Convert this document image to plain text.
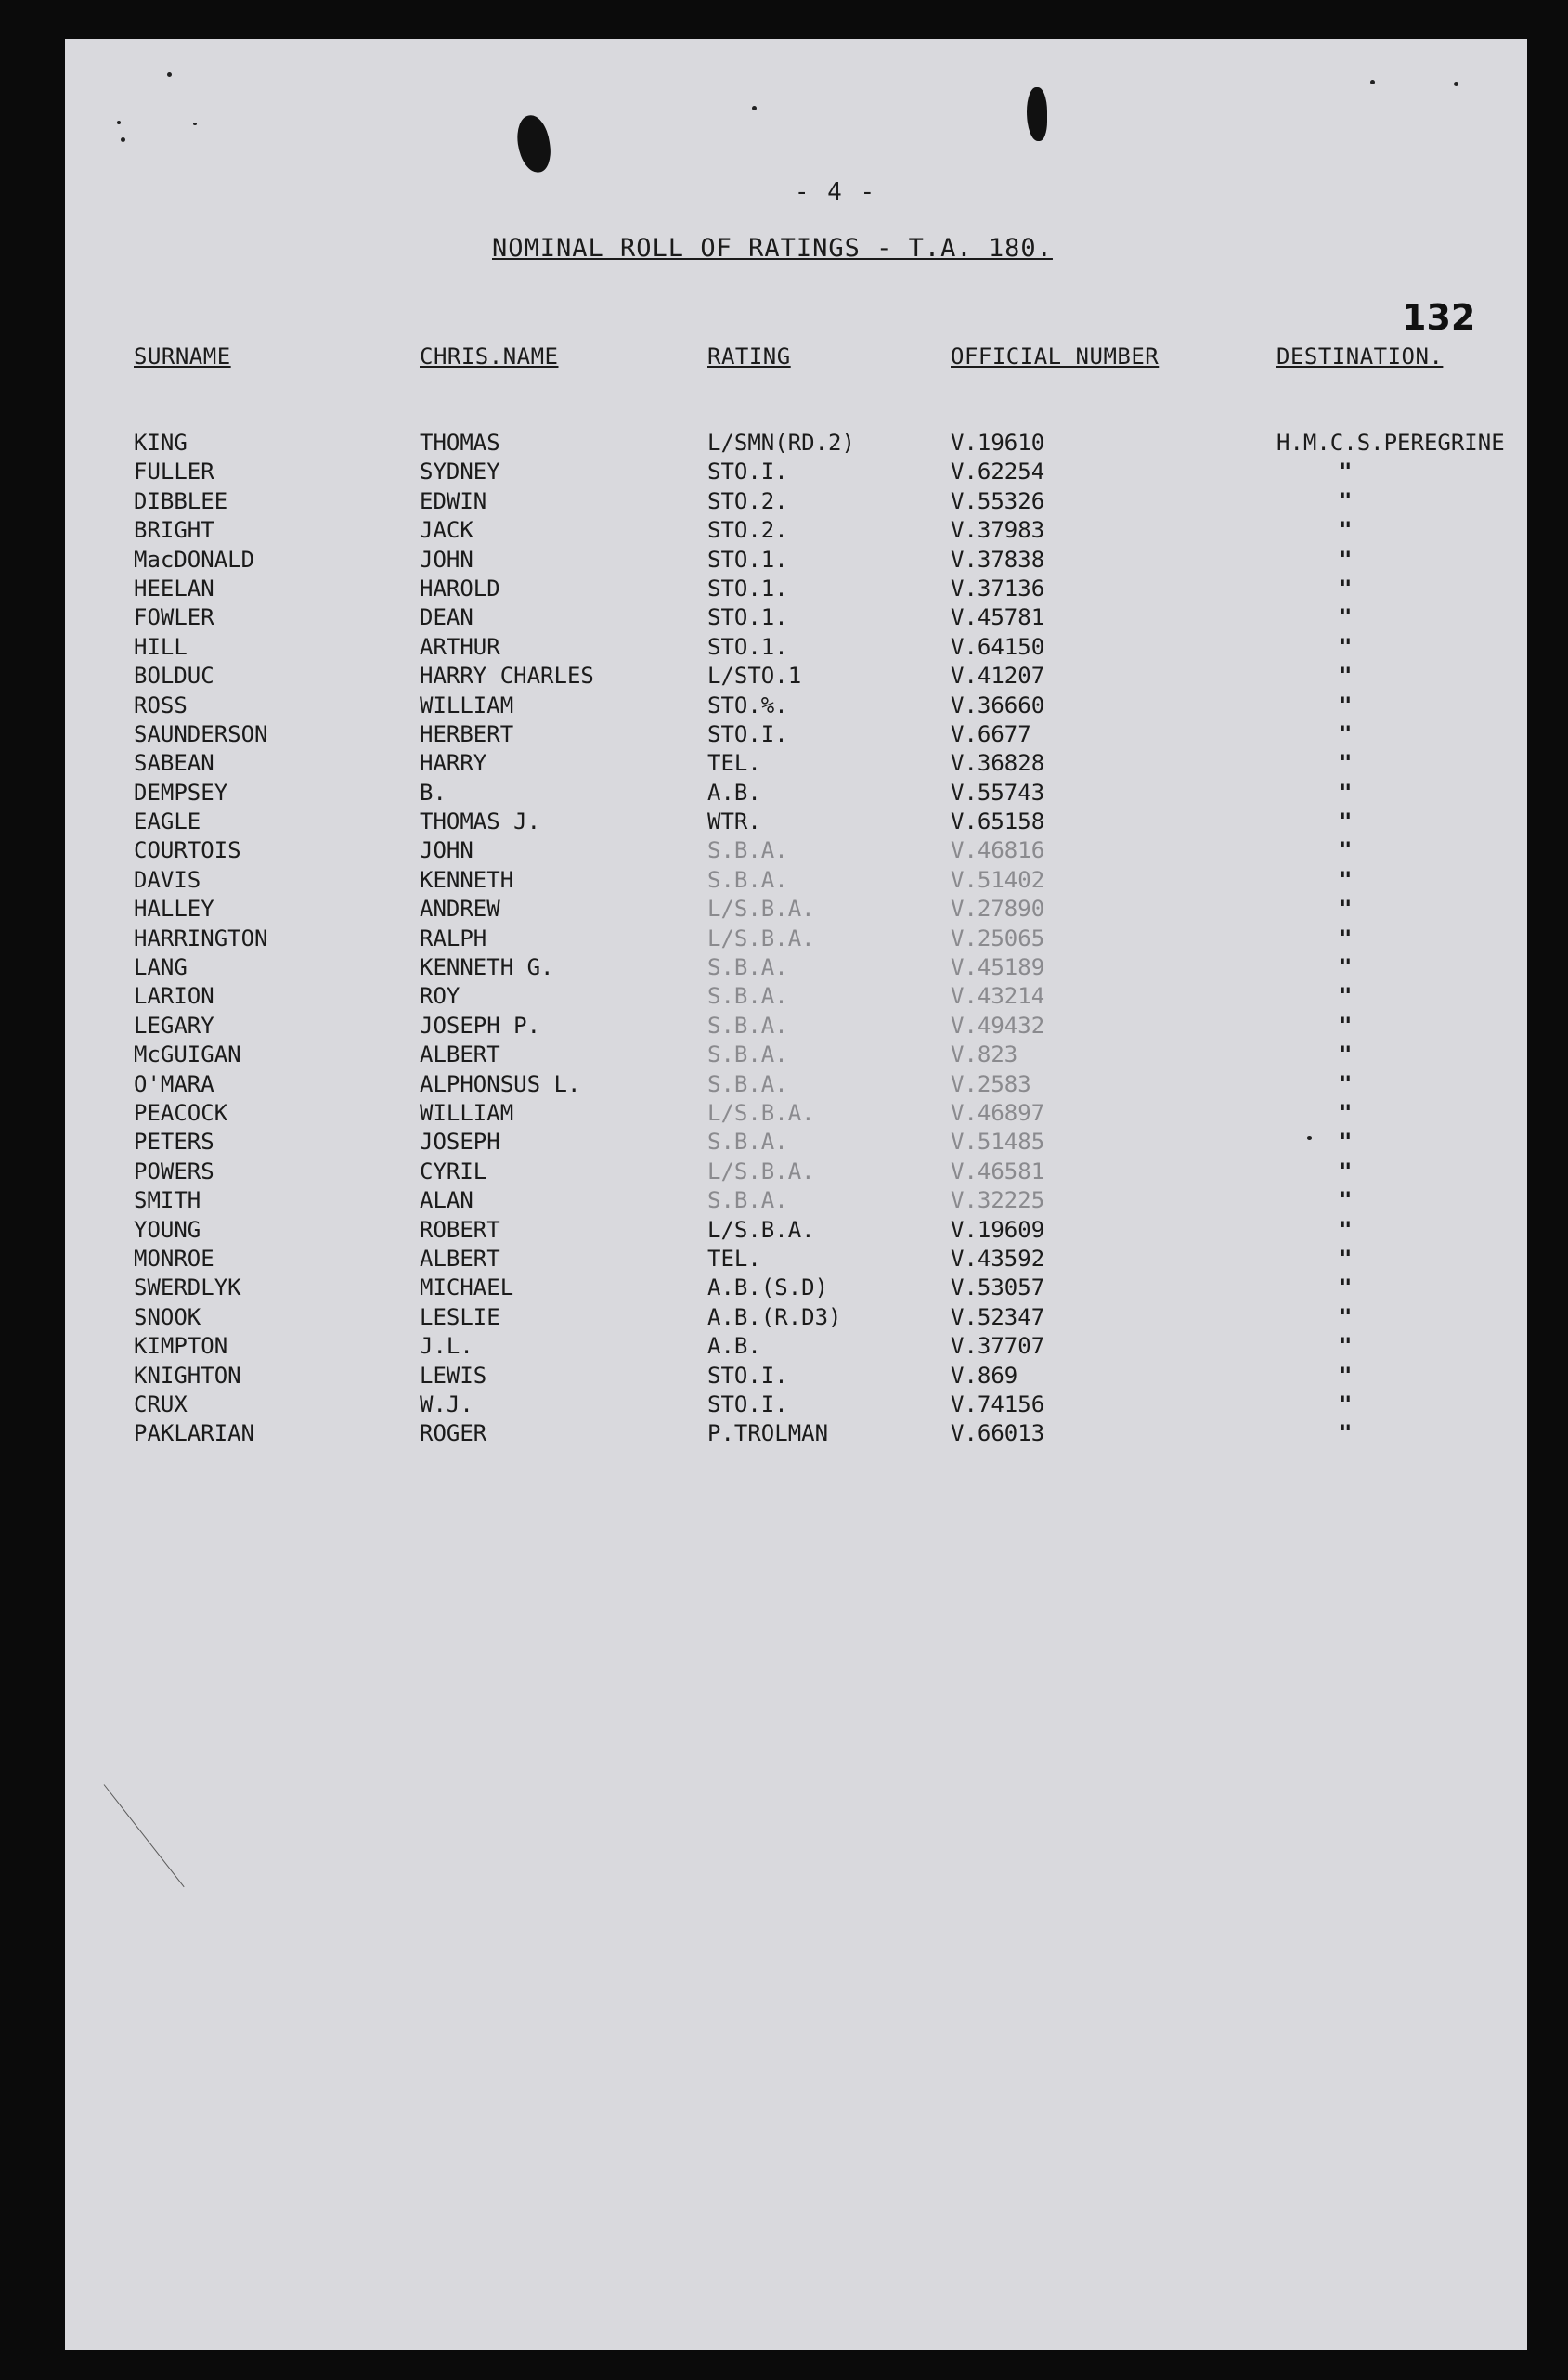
- 4 -
NOMINAL ROLL OF RATINGS - T.A. 180.
132
SURNAME	CHRIS.NAME	RATING	OFFICIAL NUMBER	DESTINATION.
KING	THOMAS	L/SMN(RD.2)	V.19610	H.M.C.S.PEREGRINE
FULLER	SYDNEY	STO.I.	V.62254	"
DIBBLEE	EDWIN	STO.2.	V.55326	"
BRIGHT	JACK	STO.2.	V.37983	"
MacDONALD	JOHN	STO.1.	V.37838	"
HEELAN	HAROLD	STO.1.	V.37136	"
FOWLER	DEAN	STO.1.	V.45781	"
HILL	ARTHUR	STO.1.	V.64150	"
BOLDUC	HARRY CHARLES	L/STO.1	V.41207	"
ROSS	WILLIAM	STO.%.	V.36660	"
SAUNDERSON	HERBERT	STO.I.	V.6677	"
SABEAN	HARRY	TEL.	V.36828	"
DEMPSEY	B.	A.B.	V.55743	"
EAGLE	THOMAS J.	WTR.	V.65158	"
COURTOIS	JOHN	S.B.A.	V.46816	"
DAVIS	KENNETH	S.B.A.	V.51402	"
HALLEY	ANDREW	L/S.B.A.	V.27890	"
HARRINGTON	RALPH	L/S.B.A.	V.25065	"
LANG	KENNETH G.	S.B.A.	V.45189	"
LARION	ROY	S.B.A.	V.43214	"
LEGARY	JOSEPH P.	S.B.A.	V.49432	"
McGUIGAN	ALBERT	S.B.A.	V.823	"
O'MARA	ALPHONSUS L.	S.B.A.	V.2583	"
PEACOCK	WILLIAM	L/S.B.A.	V.46897	"
PETERS	JOSEPH	S.B.A.	V.51485	"
POWERS	CYRIL	L/S.B.A.	V.46581	"
SMITH	ALAN	S.B.A.	V.32225	"
YOUNG	ROBERT	L/S.B.A.	V.19609	"
MONROE	ALBERT	TEL.	V.43592	"
SWERDLYK	MICHAEL	A.B.(S.D)	V.53057	"
SNOOK	LESLIE	A.B.(R.D3)	V.52347	"
KIMPTON	J.L.	A.B.	V.37707	"
KNIGHTON	LEWIS	STO.I.	V.869	"
CRUX	W.J.	STO.I.	V.74156	"
PAKLARIAN	ROGER	P.TROLMAN	V.66013	"
